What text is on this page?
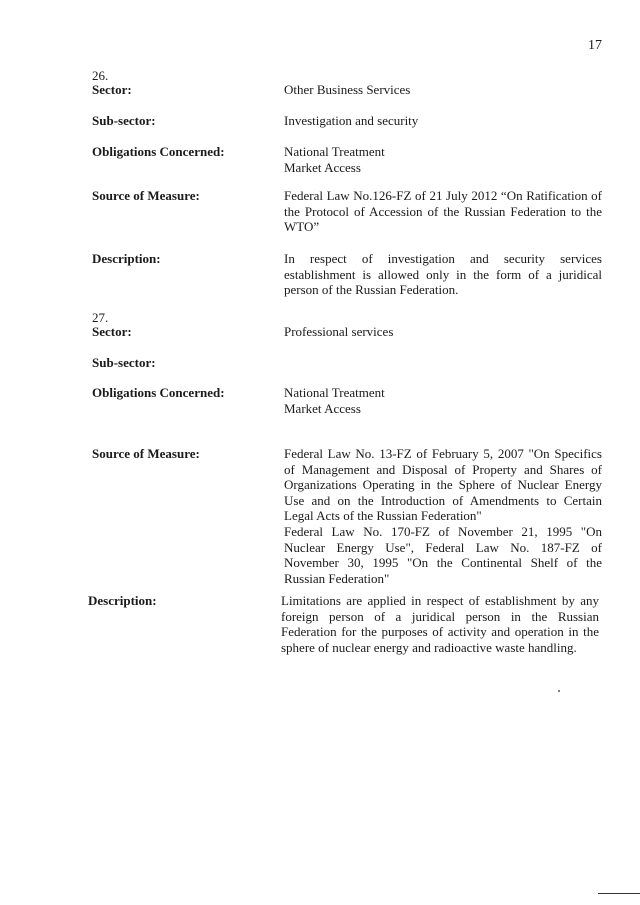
17
26.
Sector:	Other Business Services
Sub-sector:	Investigation and security
Obligations Concerned:	National Treatment
Market Access
Source of Measure:	Federal Law No.126-FZ of 21 July 2012 “On Ratification of the Protocol of Accession of the Russian Federation to the WTO”
Description:	In respect of investigation and security services establishment is allowed only in the form of a juridical person of the Russian Federation.
27.
Sector:	Professional services
Sub-sector:
Obligations Concerned:	National Treatment
Market Access
Source of Measure:	Federal Law No. 13-FZ of February 5, 2007 "On Specifics of Management and Disposal of Property and Shares of Organizations Operating in the Sphere of Nuclear Energy Use and on the Introduction of Amendments to Certain Legal Acts of the Russian Federation"
Federal Law No. 170-FZ of November 21, 1995 "On Nuclear Energy Use", Federal Law No. 187-FZ of November 30, 1995 "On the Continental Shelf of the Russian Federation"
Description:	Limitations are applied in respect of establishment by any foreign person of a juridical person in the Russian Federation for the purposes of activity and operation in the sphere of nuclear energy and radioactive waste handling.
